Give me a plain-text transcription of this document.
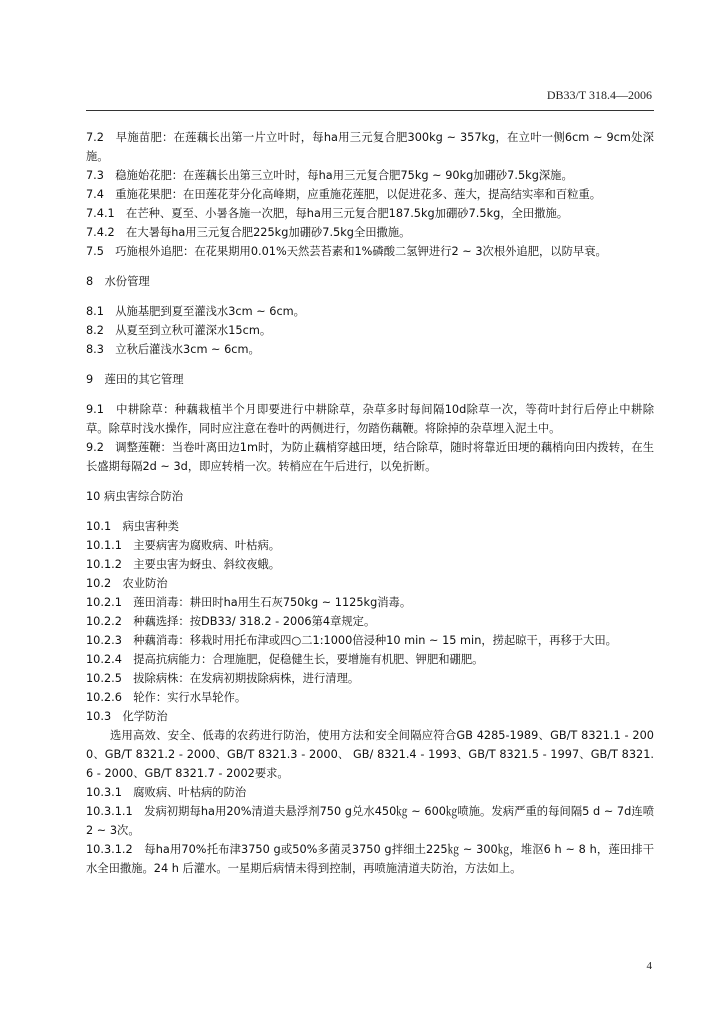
DB33/T 318.4—2006

7.2　早施苗肥：在莲藕长出第一片立叶时，每ha用三元复合肥300kg ~ 357kg，在立叶一侧6cm ~ 9cm处深施。

7.3　稳施始花肥：在莲藕长出第三立叶时，每ha用三元复合肥75kg ~ 90kg加硼砂7.5kg深施。

7.4　重施花果肥：在田莲花芽分化高峰期，应重施花莲肥，以促进花多、莲大，提高结实率和百粒重。

7.4.1　在芒种、夏至、小暑各施一次肥，每ha用三元复合肥187.5kg加硼砂7.5kg，全田撒施。

7.4.2　在大暑每ha用三元复合肥225kg加硼砂7.5kg全田撒施。

7.5　巧施根外追肥：在花果期用0.01%天然芸苔素和1%磷酸二氢钾进行2 ~ 3次根外追肥，以防早衰。

8　水份管理

8.1　从施基肥到夏至灌浅水3cm ~ 6cm。

8.2　从夏至到立秋可灌深水15cm。

8.3　立秋后灌浅水3cm ~ 6cm。

9　莲田的其它管理

9.1　中耕除草：种藕栽植半个月即要进行中耕除草，杂草多时每间隔10d除草一次，等荷叶封行后停止中耕除草。除草时浅水操作，同时应注意在卷叶的两侧进行，勿踏伤藕鞭。将除掉的杂草埋入泥土中。

9.2　调整莲鞭：当卷叶离田边1m时，为防止藕梢穿越田埂，结合除草，随时将靠近田埂的藕梢向田内拨转，在生长盛期每隔2d ~ 3d，即应转梢一次。转梢应在午后进行，以免折断。

10 病虫害综合防治

10.1　病虫害种类

10.1.1　主要病害为腐败病、叶枯病。

10.1.2　主要虫害为蚜虫、斜纹夜蛾。

10.2　农业防治

10.2.1　莲田消毒：耕田时ha用生石灰750kg ~ 1125kg消毒。

10.2.2　种藕选择：按DB33/ 318.2 - 2006第4章规定。

10.2.3　种藕消毒：移栽时用托布津或四○二1:1000倍浸种10 min ~ 15 min，捞起晾干，再移于大田。

10.2.4　提高抗病能力：合理施肥，促稳健生长，要增施有机肥、钾肥和硼肥。

10.2.5　拔除病株：在发病初期拔除病株，进行清理。

10.2.6　轮作：实行水旱轮作。

10.3　化学防治

选用高效、安全、低毒的农药进行防治，使用方法和安全间隔应符合GB 4285-1989、GB/T 8321.1 - 2000、GB/T 8321.2 - 2000、GB/T 8321.3 - 2000、 GB/ 8321.4 - 1993、GB/T 8321.5 - 1997、GB/T 8321.6 - 2000、GB/T 8321.7 - 2002要求。

10.3.1　腐败病、叶枯病的防治

10.3.1.1　发病初期每ha用20%清道夫悬浮剂750 g兑水450㎏ ~ 600㎏喷施。发病严重的每间隔5 d ~ 7d连喷2 ~ 3次。

10.3.1.2　每ha用70%托布津3750 g或50%多菌灵3750 g拌细土225㎏ ~ 300㎏，堆沤6 h ~ 8 h，莲田排干水全田撒施。24 h 后灌水。一星期后病情未得到控制，再喷施清道夫防治，方法如上。

4
